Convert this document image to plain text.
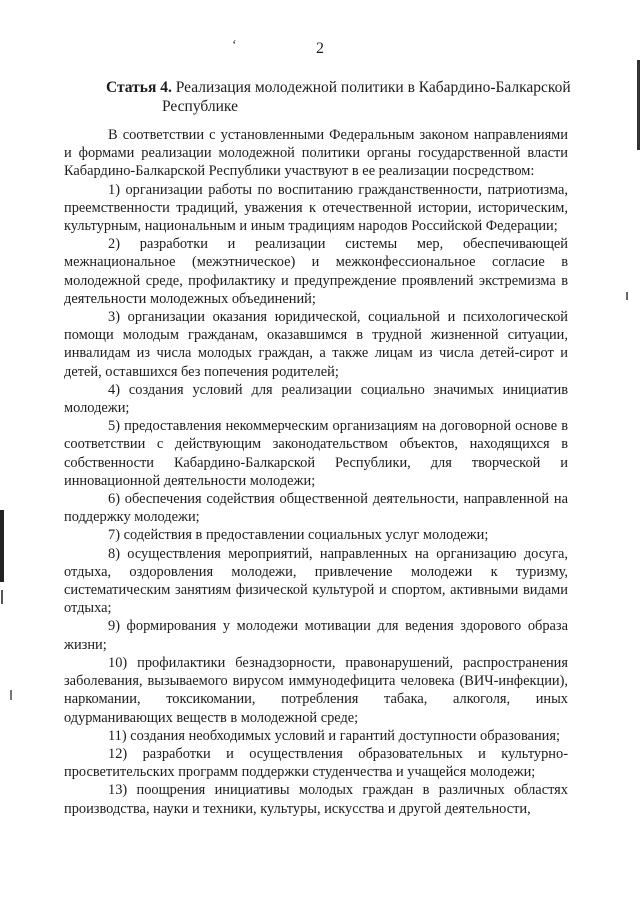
ʻ	2
Статья 4. Реализация молодежной политики в Кабардино-Балкарской
Республике

В соответствии с установленными Федеральным законом направлениями и формами реализации молодежной политики органы государственной власти Кабардино-Балкарской Республики участвуют в ее реализации посредством:

1) организации работы по воспитанию гражданственности, патриотизма, преемственности традиций, уважения к отечественной истории, историческим, культурным, национальным и иным традициям народов Российской Федерации;

2) разработки и реализации системы мер, обеспечивающей межнациональное (межэтническое) и межконфессиональное согласие в молодежной среде, профилактику и предупреждение проявлений экстремизма в деятельности молодежных объединений;

3) организации оказания юридической, социальной и психологической помощи молодым гражданам, оказавшимся в трудной жизненной ситуации, инвалидам из числа молодых граждан, а также лицам из числа детей-сирот и детей, оставшихся без попечения родителей;

4) создания условий для реализации социально значимых инициатив молодежи;

5) предоставления некоммерческим организациям на договорной основе в соответствии с действующим законодательством объектов, находящихся в собственности Кабардино-Балкарской Республики, для творческой и инновационной деятельности молодежи;

6) обеспечения содействия общественной деятельности, направленной на поддержку молодежи;

7) содействия в предоставлении социальных услуг молодежи;

8) осуществления мероприятий, направленных на организацию досуга, отдыха, оздоровления молодежи, привлечение молодежи к туризму, систематическим занятиям физической культурой и спортом, активными видами отдыха;

9) формирования у молодежи мотивации для ведения здорового образа жизни;

10) профилактики безнадзорности, правонарушений, распространения заболевания, вызываемого вирусом иммунодефицита человека (ВИЧ-инфекции), наркомании, токсикомании, потребления табака, алкоголя, иных одурманивающих веществ в молодежной среде;

11) создания необходимых условий и гарантий доступности образования;

12) разработки и осуществления образовательных и культурно-просветительских программ поддержки студенчества и учащейся молодежи;

13) поощрения инициативы молодых граждан в различных областях производства, науки и техники, культуры, искусства и другой деятельности,
